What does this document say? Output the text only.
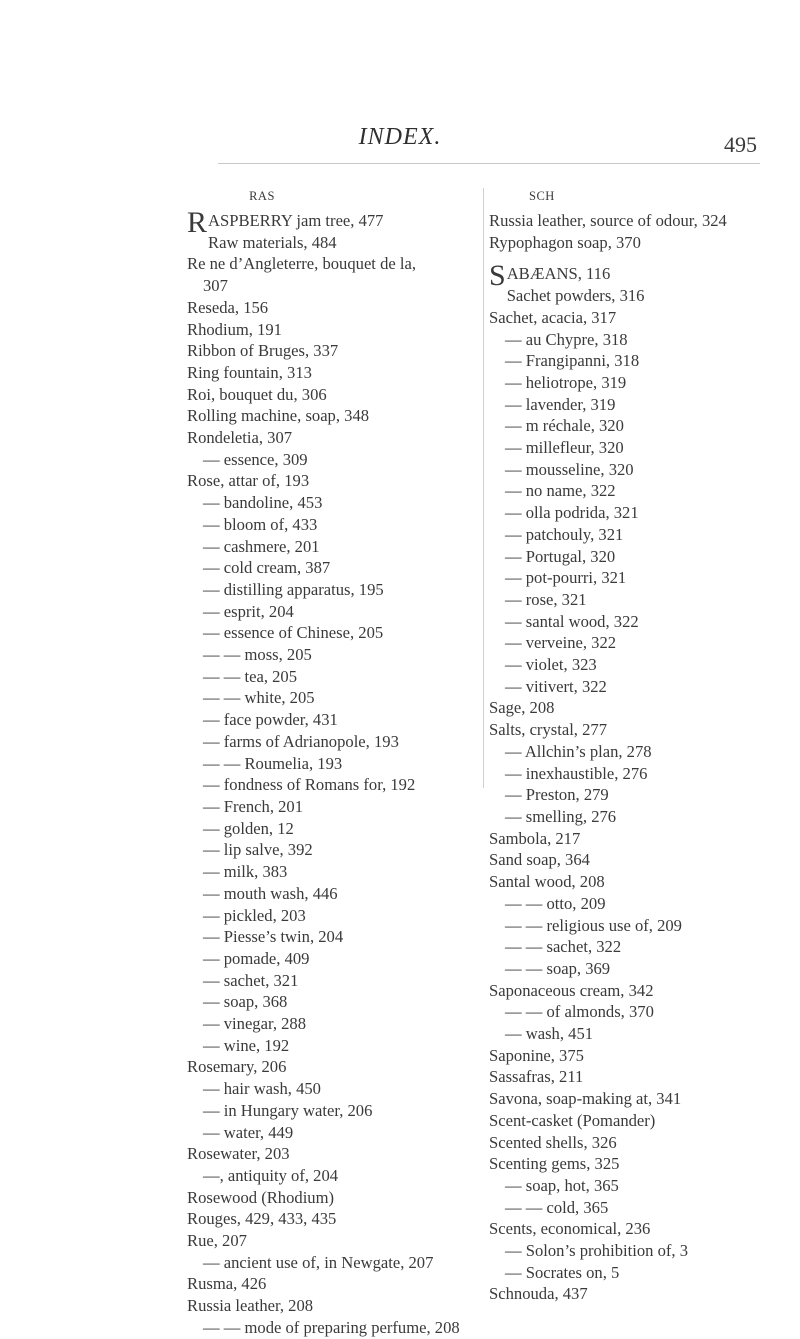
INDEX.	495
RAS
RASPBERRY jam tree, 477
Raw materials, 484
Re ne d’Angleterre, bouquet de la,
307
Reseda, 156
Rhodium, 191
Ribbon of Bruges, 337
Ring fountain, 313
Roi, bouquet du, 306
Rolling machine, soap, 348
Rondeletia, 307
— essence, 309
Rose, attar of, 193
— bandoline, 453
— bloom of, 433
— cashmere, 201
— cold cream, 387
— distilling apparatus, 195
— esprit, 204
— essence of Chinese, 205
— — moss, 205
— — tea, 205
— — white, 205
— face powder, 431
— farms of Adrianopole, 193
— — Roumelia, 193
— fondness of Romans for, 192
— French, 201
— golden, 12
— lip salve, 392
— milk, 383
— mouth wash, 446
— pickled, 203
— Piesse’s twin, 204
— pomade, 409
— sachet, 321
— soap, 368
— vinegar, 288
— wine, 192
Rosemary, 206
— hair wash, 450
— in Hungary water, 206
— water, 449
Rosewater, 203
—, antiquity of, 204
Rosewood (Rhodium)
Rouges, 429, 433, 435
Rue, 207
— ancient use of, in Newgate, 207
Rusma, 426
Russia leather, 208
— — mode of preparing perfume, 208
SCH
Russia leather, source of odour, 324
Rypophagon soap, 370
SABÆANS, 116
Sachet powders, 316
Sachet, acacia, 317
— au Chypre, 318
— Frangipanni, 318
— heliotrope, 319
— lavender, 319
— m réchale, 320
— millefleur, 320
— mousseline, 320
— no name, 322
— olla podrida, 321
— patchouly, 321
— Portugal, 320
— pot-pourri, 321
— rose, 321
— santal wood, 322
— verveine, 322
— violet, 323
— vitivert, 322
Sage, 208
Salts, crystal, 277
— Allchin’s plan, 278
— inexhaustible, 276
— Preston, 279
— smelling, 276
Sambola, 217
Sand soap, 364
Santal wood, 208
— — otto, 209
— — religious use of, 209
— — sachet, 322
— — soap, 369
Saponaceous cream, 342
— — of almonds, 370
— wash, 451
Saponine, 375
Sassafras, 211
Savona, soap-making at, 341
Scent-casket (Pomander)
Scented shells, 326
Scenting gems, 325
— soap, hot, 365
— — cold, 365
Scents, economical, 236
— Solon’s prohibition of, 3
— Socrates on, 5
Schnouda, 437
